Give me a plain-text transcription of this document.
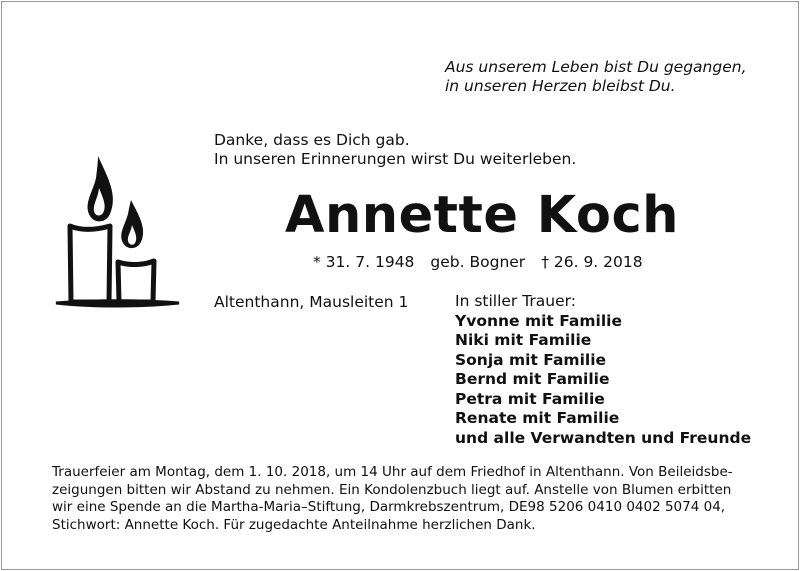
Aus unserem Leben bist Du gegangen,
in unseren Herzen bleibst Du.
Danke, dass es Dich gab.
In unseren Erinnerungen wirst Du weiterleben.
Annette Koch
* 31. 7. 1948 geb. Bogner † 26. 9. 2018
Altenthann, Mausleiten 1	In stiller Trauer:
Yvonne mit Familie
Niki mit Familie
Sonja mit Familie
Bernd mit Familie
Petra mit Familie
Renate mit Familie
und alle Verwandten und Freunde
Trauerfeier am Montag, dem 1. 10. 2018, um 14 Uhr auf dem Friedhof in Altenthann. Von Beileidsbe-
zeigungen bitten wir Abstand zu nehmen. Ein Kondolenzbuch liegt auf. Anstelle von Blumen erbitten
wir eine Spende an die Martha-Maria–Stiftung, Darmkrebszentrum, DE98 5206 0410 0402 5074 04,
Stichwort: Annette Koch. Für zugedachte Anteilnahme herzlichen Dank.
